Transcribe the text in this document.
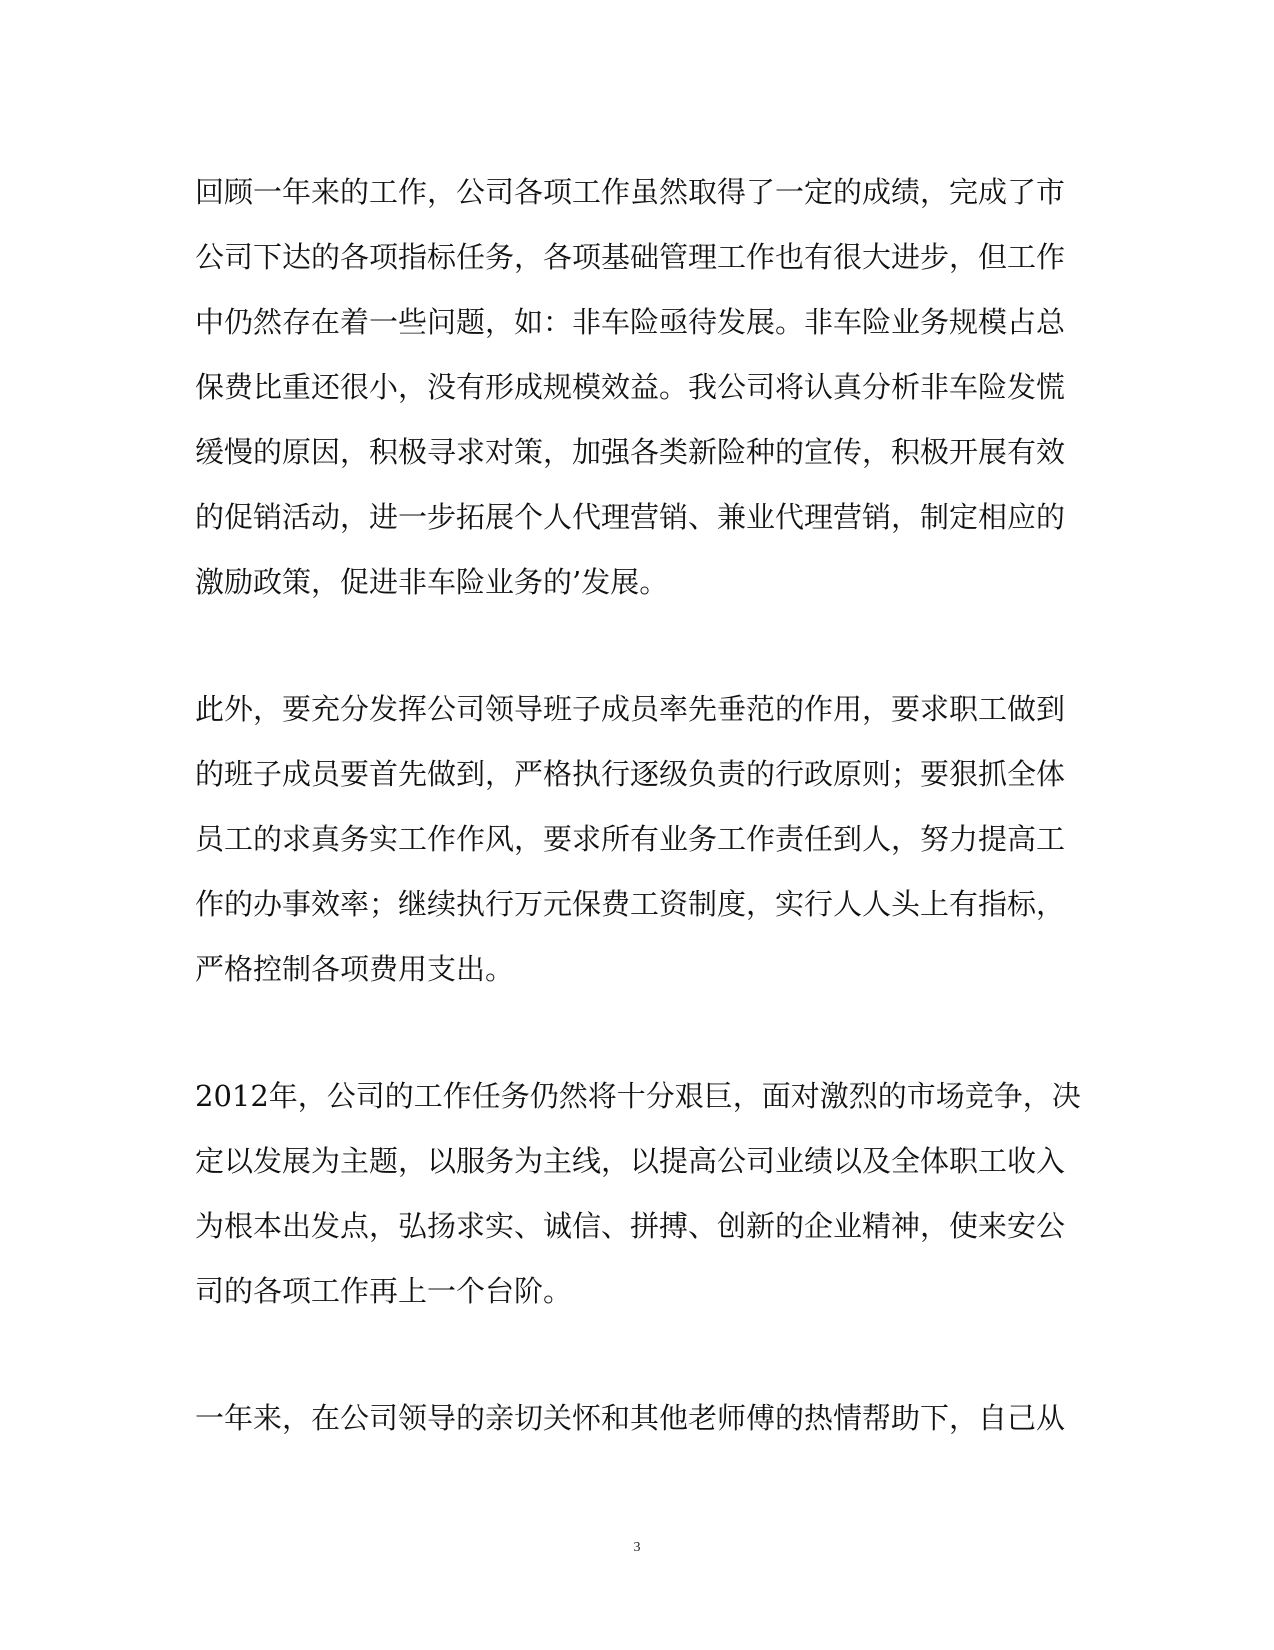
回顾一年来的工作，公司各项工作虽然取得了一定的成绩，完成了市
公司下达的各项指标任务，各项基础管理工作也有很大进步，但工作
中仍然存在着一些问题，如：非车险亟待发展。非车险业务规模占总
保费比重还很小，没有形成规模效益。我公司将认真分析非车险发慌
缓慢的原因，积极寻求对策，加强各类新险种的宣传，积极开展有效
的促销活动，进一步拓展个人代理营销、兼业代理营销，制定相应的
激励政策，促进非车险业务的’发展。

此外，要充分发挥公司领导班子成员率先垂范的作用，要求职工做到
的班子成员要首先做到，严格执行逐级负责的行政原则；要狠抓全体
员工的求真务实工作作风，要求所有业务工作责任到人，努力提高工
作的办事效率；继续执行万元保费工资制度，实行人人头上有指标，
严格控制各项费用支出。

2012年，公司的工作任务仍然将十分艰巨，面对激烈的市场竞争，决
定以发展为主题，以服务为主线，以提高公司业绩以及全体职工收入
为根本出发点，弘扬求实、诚信、拼搏、创新的企业精神，使来安公
司的各项工作再上一个台阶。

一年来，在公司领导的亲切关怀和其他老师傅的热情帮助下，自己从

3
